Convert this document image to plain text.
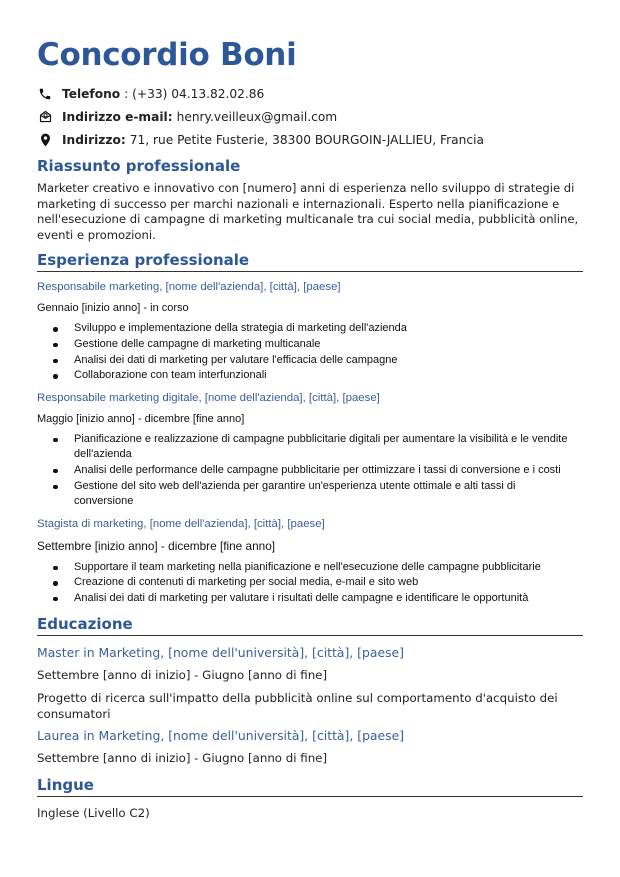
Concordio Boni
Telefono : (+33) 04.13.82.02.86
Indirizzo e-mail: henry.veilleux@gmail.com
Indirizzo: 71, rue Petite Fusterie, 38300 BOURGOIN-JALLIEU, Francia
Riassunto professionale

Marketer creativo e innovativo con [numero] anni di esperienza nello sviluppo di strategie di marketing di successo per marchi nazionali e internazionali. Esperto nella pianificazione e nell'esecuzione di campagne di marketing multicanale tra cui social media, pubblicità online, eventi e promozioni.

Esperienza professionale

Responsabile marketing, [nome dell'azienda], [città], [paese]

Gennaio [inizio anno] - in corso

Sviluppo e implementazione della strategia di marketing dell'azienda
Gestione delle campagne di marketing multicanale
Analisi dei dati di marketing per valutare l'efficacia delle campagne
Collaborazione con team interfunzionali

Responsabile marketing digitale, [nome dell'azienda], [città], [paese]

Maggio [inizio anno] - dicembre [fine anno]

Pianificazione e realizzazione di campagne pubblicitarie digitali per aumentare la visibilità e le vendite dell'azienda
Analisi delle performance delle campagne pubblicitarie per ottimizzare i tassi di conversione e i costi
Gestione del sito web dell'azienda per garantire un'esperienza utente ottimale e alti tassi di conversione

Stagista di marketing, [nome dell'azienda], [città], [paese]

Settembre [inizio anno] - dicembre [fine anno]

Supportare il team marketing nella pianificazione e nell'esecuzione delle campagne pubblicitarie
Creazione di contenuti di marketing per social media, e-mail e sito web
Analisi dei dati di marketing per valutare i risultati delle campagne e identificare le opportunità
Educazione

Master in Marketing, [nome dell'università], [città], [paese]

Settembre [anno di inizio] - Giugno [anno di fine]

Progetto di ricerca sull'impatto della pubblicità online sul comportamento d'acquisto dei consumatori

Laurea in Marketing, [nome dell'università], [città], [paese]

Settembre [anno di inizio] - Giugno [anno di fine]

Lingue

Inglese (Livello C2)
